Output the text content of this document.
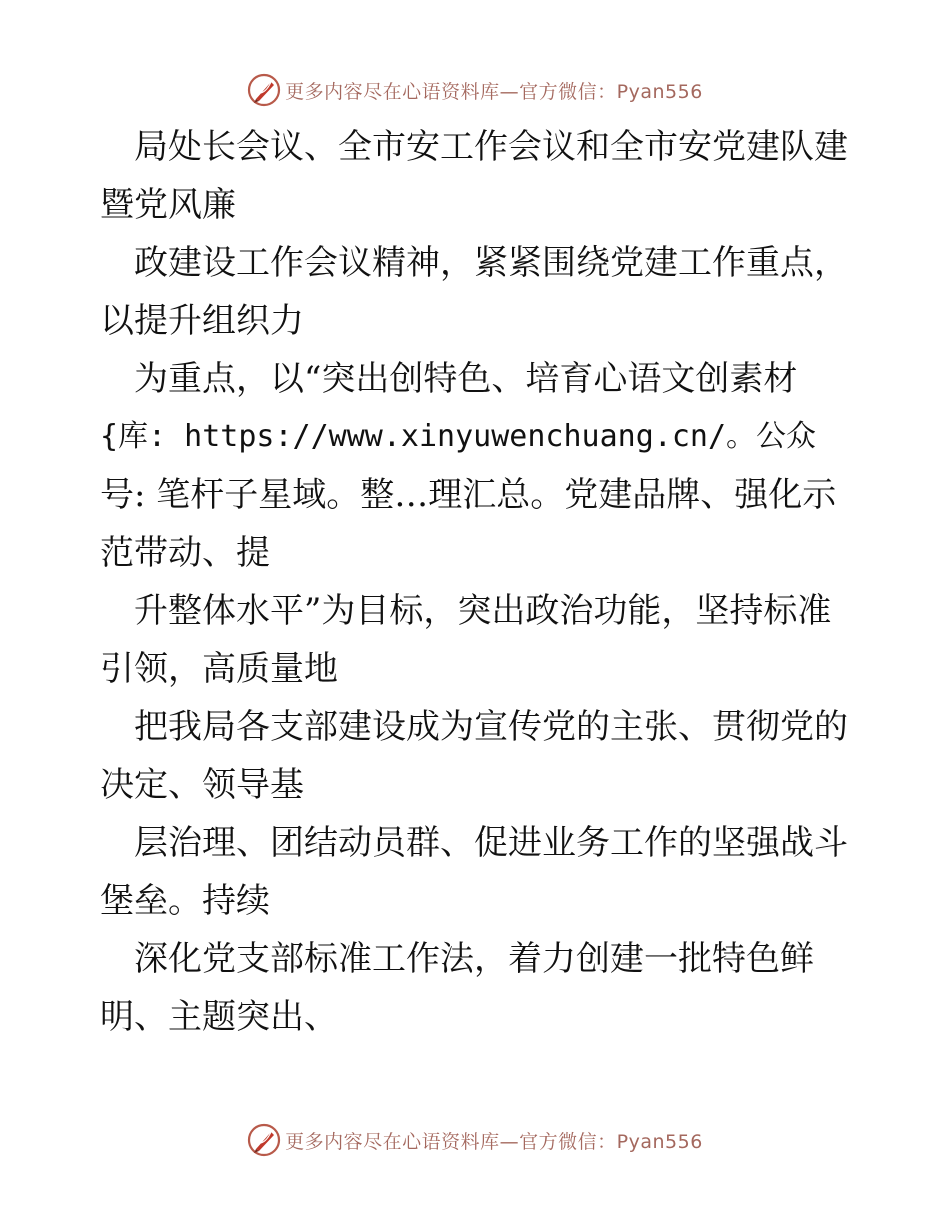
更多内容尽在心语资料库—官方微信：Pyan556
局处长会议、全市安工作会议和全市安党建队建
暨党风廉
政建设工作会议精神，紧紧围绕党建工作重点，
以提升组织力
为重点，以“突出创特色、培育心语文创素材
{库: https://www.xinyuwenchuang.cn/。公众
号: 笔杆子星域。整…理汇总。党建品牌、强化示
范带动、提
升整体水平”为目标，突出政治功能，坚持标准
引领，高质量地
把我局各支部建设成为宣传党的主张、贯彻党的
决定、领导基
层治理、团结动员群、促进业务工作的坚强战斗
堡垒。持续
深化党支部标准工作法，着力创建一批特色鲜
明、主题突出、
更多内容尽在心语资料库—官方微信：Pyan556
